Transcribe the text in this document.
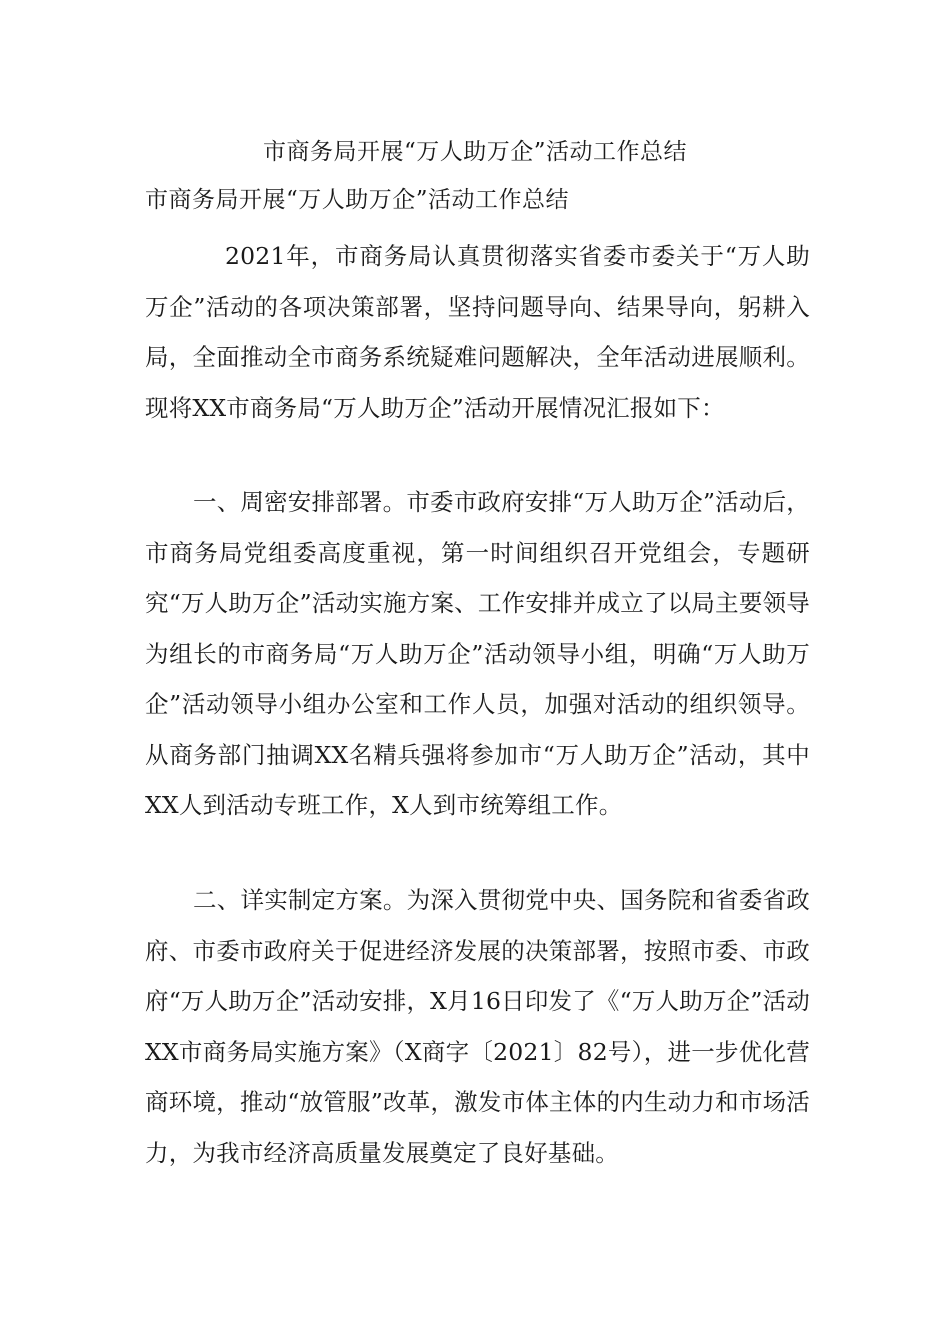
市商务局开展“万人助万企”活动工作总结
市商务局开展“万人助万企”活动工作总结

2021年，市商务局认真贯彻落实省委市委关于“万人助万企”活动的各项决策部署，坚持问题导向、结果导向，躬耕入局，全面推动全市商务系统疑难问题解决，全年活动进展顺利。现将XX市商务局“万人助万企”活动开展情况汇报如下：

一、周密安排部署。市委市政府安排“万人助万企”活动后，市商务局党组委高度重视，第一时间组织召开党组会，专题研究“万人助万企”活动实施方案、工作安排并成立了以局主要领导为组长的市商务局“万人助万企”活动领导小组，明确“万人助万企”活动领导小组办公室和工作人员，加强对活动的组织领导。从商务部门抽调XX名精兵强将参加市“万人助万企”活动，其中XX人到活动专班工作，X人到市统筹组工作。

二、详实制定方案。为深入贯彻党中央、国务院和省委省政府、市委市政府关于促进经济发展的决策部署，按照市委、市政府“万人助万企”活动安排，X月16日印发了《“万人助万企”活动XX市商务局实施方案》（X商字〔2021〕82号），进一步优化营商环境，推动“放管服”改革，激发市体主体的内生动力和市场活力，为我市经济高质量发展奠定了良好基础。
